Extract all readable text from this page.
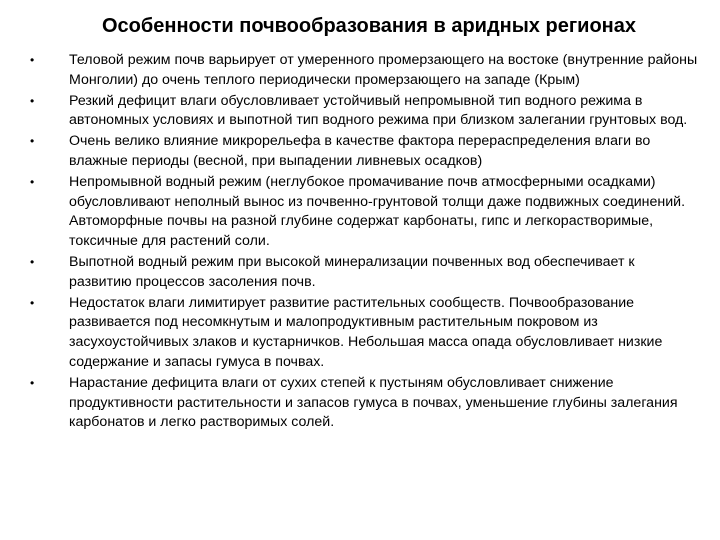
Особенности почвообразования в аридных регионах
• Теловой режим почв варьирует от умеренного промерзающего на востоке (внутренние районы Монголии) до очень теплого периодически промерзающего на западе (Крым)
• Резкий дефицит влаги обусловливает устойчивый непромывной тип водного режима в автономных условиях и выпотной тип водного режима при близком залегании грунтовых вод.
• Очень велико влияние микрорельефа в качестве фактора перераспределения влаги во влажные периоды (весной, при выпадении ливневых осадков)
• Непромывной водный режим (неглубокое промачивание почв атмосферными осадками) обусловливают неполный вынос из почвенно-грунтовой толщи даже подвижных соединений. Автоморфные почвы на разной глубине содержат карбонаты, гипс и легкорастворимые, токсичные для растений соли.
• Выпотной водный режим при высокой минерализации почвенных вод обеспечивает к развитию процессов засоления почв.
• Недостаток влаги лимитирует развитие растительных сообществ. Почвообразование развивается под несомкнутым и малопродуктивным растительным покровом из засухоустойчивых злаков и кустарничков. Небольшая масса опада обусловливает низкие содержание и запасы гумуса в почвах.
• Нарастание дефицита влаги от сухих степей к пустыням обусловливает снижение продуктивности растительности и запасов гумуса в почвах, уменьшение глубины залегания карбонатов и легко растворимых солей.
